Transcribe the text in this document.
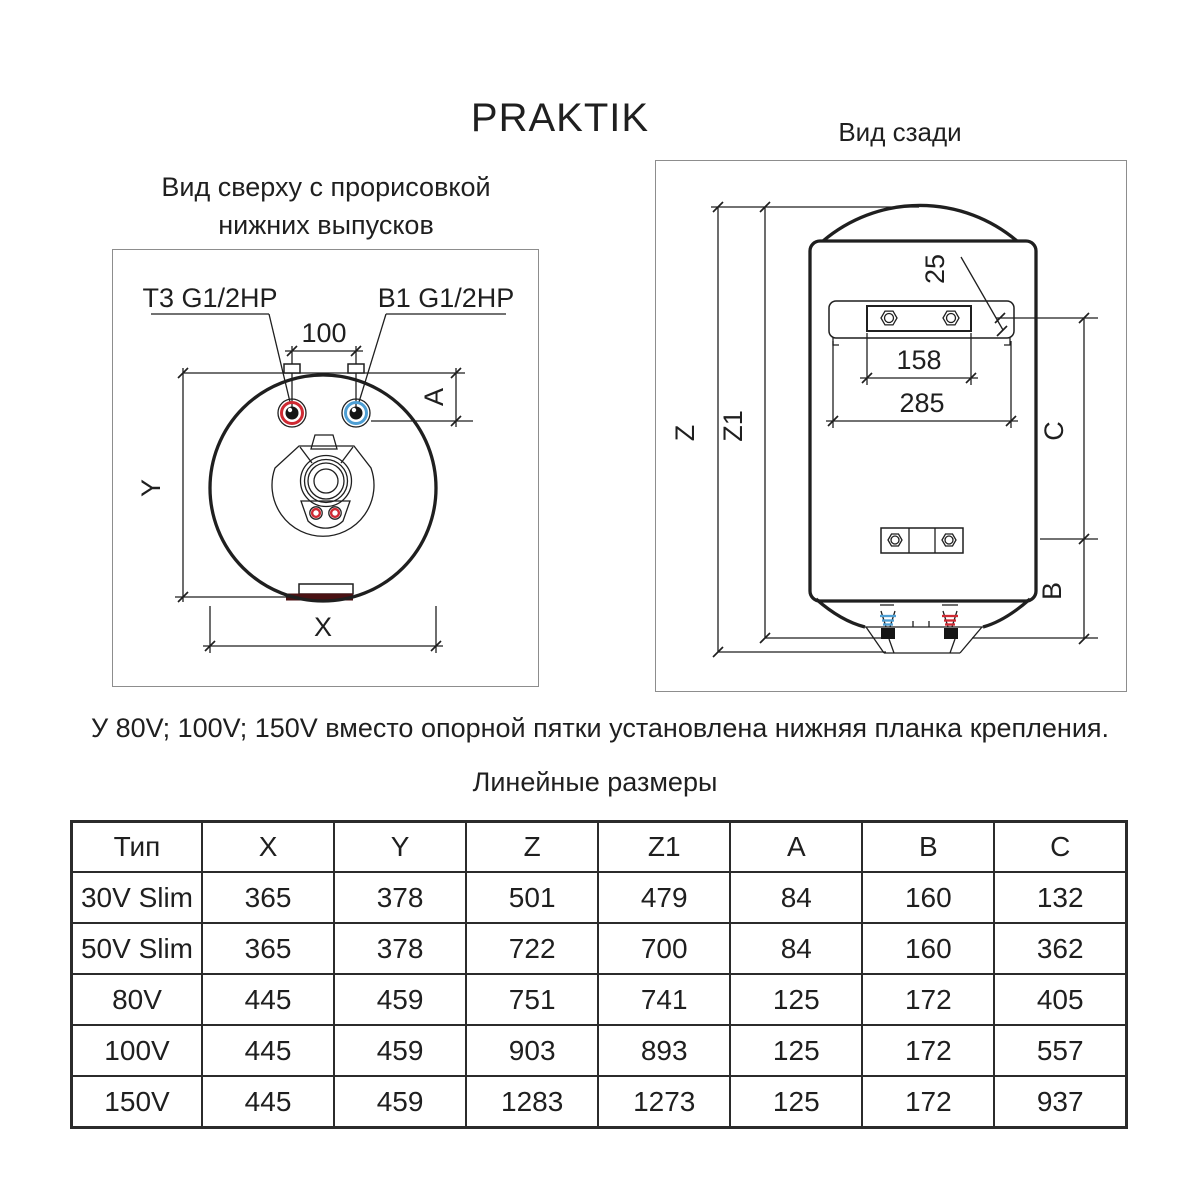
PRAKTIK	Вид сзади
Вид сверху с прорисовкой
нижних выпусков
100
T3 G1/2HP	B1 G1/2HP
A
Y
X
Z Z1
25
158
285
C
B
У 80V; 100V; 150V вместо опорной пятки установлена нижняя планка крепления.
Линейные размеры
Тип	X	Y	Z	Z1	A	B	C
30V Slim	365	378	501	479	84	160	132
50V Slim	365	378	722	700	84	160	362
80V	445	459	751	741	125	172	405
100V	445	459	903	893	125	172	557
150V	445	459	1283	1273	125	172	937
